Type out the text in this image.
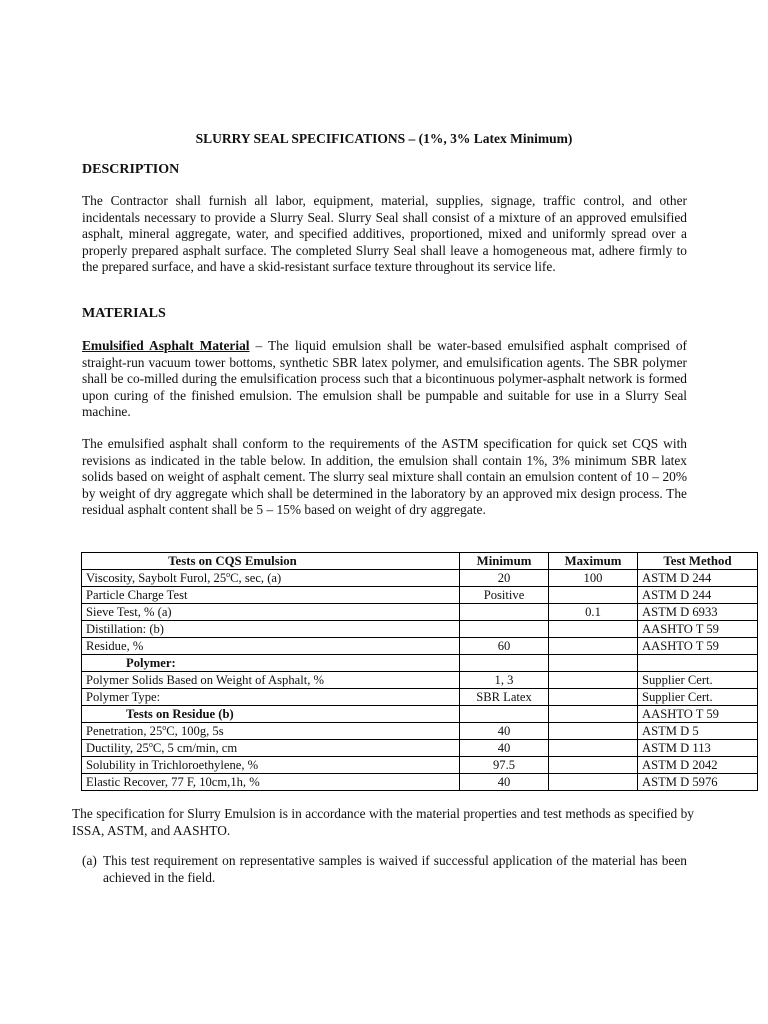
SLURRY SEAL SPECIFICATIONS – (1%, 3% Latex Minimum)
DESCRIPTION

The Contractor shall furnish all labor, equipment, material, supplies, signage, traffic control, and other incidentals necessary to provide a Slurry Seal. Slurry Seal shall consist of a mixture of an approved emulsified asphalt, mineral aggregate, water, and specified additives, proportioned, mixed and uniformly spread over a properly prepared asphalt surface. The completed Slurry Seal shall leave a homogeneous mat, adhere firmly to the prepared surface, and have a skid-resistant surface texture throughout its service life.

MATERIALS

Emulsified Asphalt Material – The liquid emulsion shall be water-based emulsified asphalt comprised of straight-run vacuum tower bottoms, synthetic SBR latex polymer, and emulsification agents. The SBR polymer shall be co-milled during the emulsification process such that a bicontinuous polymer-asphalt network is formed upon curing of the finished emulsion. The emulsion shall be pumpable and suitable for use in a Slurry Seal machine.

The emulsified asphalt shall conform to the requirements of the ASTM specification for quick set CQS with revisions as indicated in the table below. In addition, the emulsion shall contain 1%, 3% minimum SBR latex solids based on weight of asphalt cement. The slurry seal mixture shall contain an emulsion content of 10 – 20% by weight of dry aggregate which shall be determined in the laboratory by an approved mix design process. The residual asphalt content shall be 5 – 15% based on weight of dry aggregate.

Tests on CQS Emulsion	Minimum	Maximum	Test Method
Viscosity, Saybolt Furol, 25$^o$C, sec, (a)	20	100	ASTM D 244
Particle Charge Test	Positive		ASTM D 244
Sieve Test, % (a)		0.1	ASTM D 6933
Distillation: (b)			AASHTO T 59
Residue, %	60		AASHTO T 59
Polymer:			
Polymer Solids Based on Weight of Asphalt, %	1, 3		Supplier Cert.
Polymer Type:	SBR Latex		Supplier Cert.
Tests on Residue (b)			AASHTO T 59
Penetration, 25$^o$C, 100g, 5s	40		ASTM D 5
Ductility, 25$^o$C, 5 cm/min, cm	40		ASTM D 113
Solubility in Trichloroethylene, %	97.5		ASTM D 2042
Elastic Recover, 77 F, 10cm,1h, %	40		ASTM D 5976

The specification for Slurry Emulsion is in accordance with the material properties and test methods as specified by ISSA, ASTM, and AASHTO.

(a) This test requirement on representative samples is waived if successful application of the material has been achieved in the field.
